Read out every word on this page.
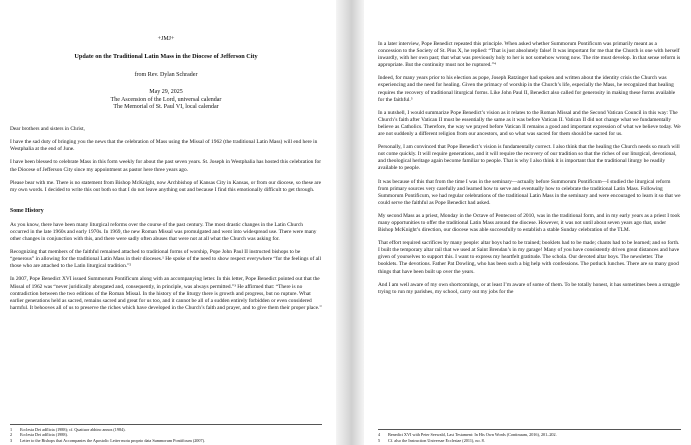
+JMJ+
Update on the Traditional Latin Mass in the Diocese of Jefferson City
from Rev. Dylan Schrader
May 29, 2025
The Ascension of the Lord, universal calendar
The Memorial of St. Paul VI, local calendar

Dear brothers and sisters in Christ,

I have the sad duty of bringing you the news that the celebration of Mass using the Missal of 1962 (the traditional Latin Mass) will end here in Westphalia at the end of June.

I have been blessed to celebrate Mass in this form weekly for about the past seven years. St. Joseph in Westphalia has hosted this celebration for the Diocese of Jefferson City since my appointment as pastor here three years ago.

Please bear with me. There is no statement from Bishop McKnight, now Archbishop of Kansas City in Kansas, or from our diocese, so these are my own words. I decided to write this out both so that I do not leave anything out and because I find this emotionally difficult to get through.

Some History

As you know, there have been many liturgical reforms over the course of the past century. The most drastic changes in the Latin Church occurred in the late 1960s and early 1970s. In 1969, the new Roman Missal was promulgated and went into widespread use. There were many other changes in conjunction with this, and there were sadly often abuses that were not at all what the Church was asking for.

Recognizing that members of the faithful remained attached to traditional forms of worship, Pope John Paul II instructed bishops to be “generous” in allowing for the traditional Latin Mass in their dioceses.¹ He spoke of the need to show respect everywhere “for the feelings of all those who are attached to the Latin liturgical tradition.”²

In 2007, Pope Benedict XVI issued Summorum Pontificum along with an accompanying letter. In this letter, Pope Benedict pointed out that the Missal of 1962 was “never juridically abrogated and, consequently, in principle, was always permitted.”³ He affirmed that: “There is no contradiction between the two editions of the Roman Missal. In the history of the liturgy there is growth and progress, but no rupture. What earlier generations held as sacred, remains sacred and great for us too, and it cannot be all of a sudden entirely forbidden or even considered harmful. It behooves all of us to preserve the riches which have developed in the Church’s faith and prayer, and to give them their proper place.”

1 Ecclesia Dei adflicta (1988); cf. Quattuor abhinc annos (1984).
2 Ecclesia Dei adflicta (1988).
3 Letter to the Bishops that Accompanies the Apostolic Letter motu proprio data Summorum Pontificum (2007).

In a later interview, Pope Benedict repeated this principle. When asked whether Summorum Pontificum was primarily meant as a concession to the Society of St. Pius X, he replied: “That is just absolutely false! It was important for me that the Church is one with herself inwardly, with her own past; that what was previously holy to her is not somehow wrong now. The rite must develop. In that sense reform is appropriate. But the continuity must not be ruptured.”⁴

Indeed, for many years prior to his election as pope, Joseph Ratzinger had spoken and written about the identity crisis the Church was experiencing and the need for healing. Given the primacy of worship in the Church’s life, especially the Mass, he recognized that healing requires the recovery of traditional liturgical forms. Like John Paul II, Benedict also called for generosity in making these forms available for the faithful.⁵

In a nutshell, I would summarize Pope Benedict’s vision as it relates to the Roman Missal and the Second Vatican Council in this way: The Church’s faith after Vatican II must be essentially the same as it was before Vatican II. Vatican II did not change what we fundamentally believe as Catholics. Therefore, the way we prayed before Vatican II remains a good and important expression of what we believe today. We are not suddenly a different religion from our ancestors, and so what was sacred for them should be sacred for us.

Personally, I am convinced that Pope Benedict’s vision is fundamentally correct. I also think that the healing the Church needs so much will not come quickly. It will require generations, and it will require the recovery of our tradition so that the riches of our liturgical, devotional, and theological heritage again become familiar to people. That is why I also think it is important that the traditional liturgy be readily available to people.

It was because of this that from the time I was in the seminary—actually before Summorum Pontificum—I studied the liturgical reform from primary sources very carefully and learned how to serve and eventually how to celebrate the traditional Latin Mass. Following Summorum Pontificum, we had regular celebrations of the traditional Latin Mass in the seminary and were encouraged to learn it so that we could serve the faithful as Pope Benedict had asked.

My second Mass as a priest, Monday in the Octave of Pentecost of 2010, was in the traditional form, and in my early years as a priest I took many opportunities to offer the traditional Latin Mass around the diocese. However, it was not until about seven years ago that, under Bishop McKnight’s direction, our diocese was able successfully to establish a stable Sunday celebration of the TLM.

That effort required sacrifices by many people: altar boys had to be trained; booklets had to be made; chants had to be learned; and so forth. I built the temporary altar rail that we used at Saint Brendan’s in my garage! Many of you have consistently driven great distances and have given of yourselves to support this. I want to express my heartfelt gratitude. The schola. Our devoted altar boys. The newsletter. The booklets. The devotions. Father Pat Dowling, who has been such a big help with confessions. The potluck lunches. There are so many good things that have been built up over the years.

And I am well aware of my own shortcomings, or at least I’m aware of some of them. To be totally honest, it has sometimes been a struggle trying to run my parishes, my school, carry out my jobs for the

4 Benedict XVI with Peter Seewald, Last Testament: In His Own Words (Continuum, 2016), 201–202.
5 Cf. also the Instruction Universae Ecclesiae (2011), no. 8.
